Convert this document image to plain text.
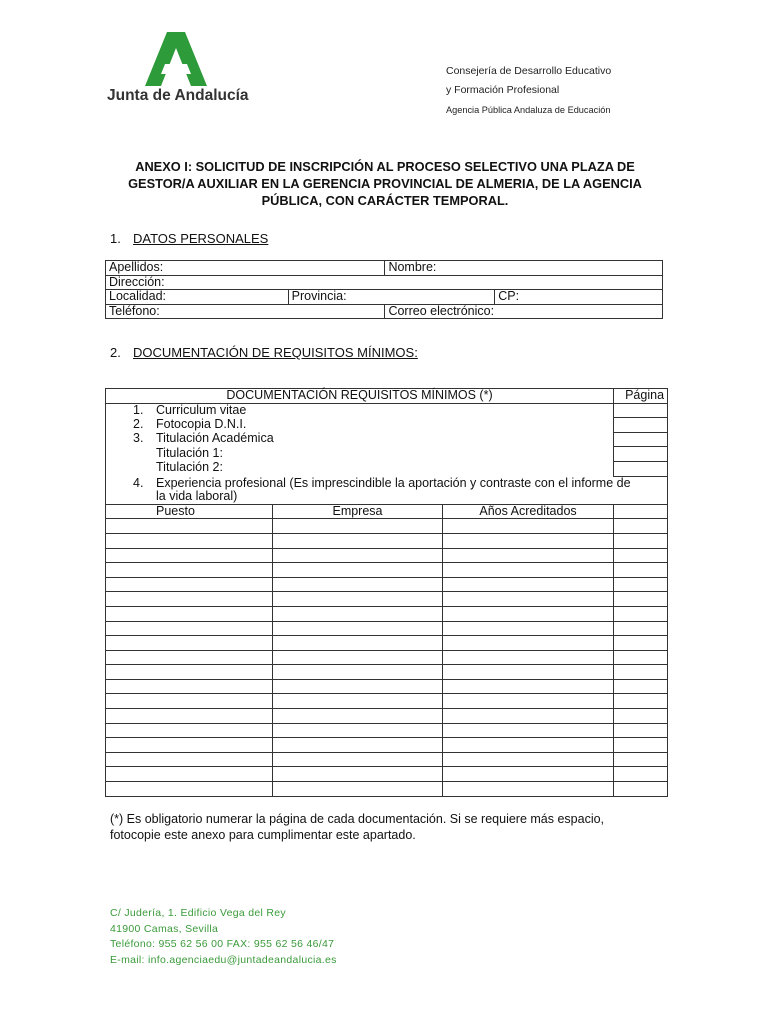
Junta de Andalucía
Consejería de Desarrollo Educativo
y Formación Profesional
Agencia Pública Andaluza de Educación
ANEXO I: SOLICITUD DE INSCRIPCIÓN AL PROCESO SELECTIVO UNA PLAZA DE
GESTOR/A AUXILIAR EN LA GERENCIA PROVINCIAL DE ALMERIA, DE LA AGENCIA
PÚBLICA, CON CARÁCTER TEMPORAL.
1. DATOS PERSONALES
Apellidos:		Nombre:	
Dirección:			
Localidad:	Provincia:		CP:
Teléfono:		Correo electrónico:	
2. DOCUMENTACIÓN DE REQUISITOS MÍNIMOS:
DOCUMENTACIÓN REQUISITOS MÍNIMOS (*)			Página
1. Curriculum vitae			
2. Fotocopia D.N.I.			
3. Titulación Académica			
Titulación 1:			
Titulación 2:			
4. Experiencia profesional (Es imprescindible la aportación y contraste con el informe de			
la vida laboral)			
Puesto	Empresa	Años Acreditados	

(*) Es obligatorio numerar la página de cada documentación. Si se requiere más espacio,
fotocopie este anexo para cumplimentar este apartado.
C/ Judería, 1. Edificio Vega del Rey
41900 Camas, Sevilla
Teléfono: 955 62 56 00 FAX: 955 62 56 46/47
E-mail: info.agenciaedu@juntadeandalucia.es
